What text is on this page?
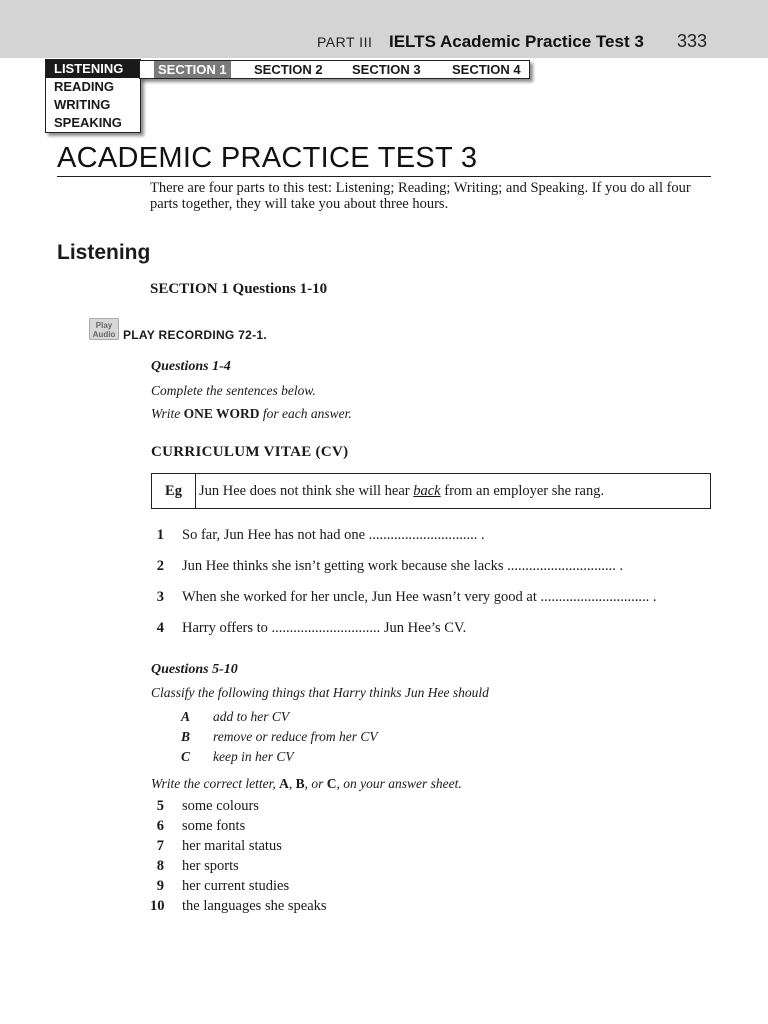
PART III IELTS Academic Practice Test 3 333
LISTENING
READING
WRITING
SPEAKING
SECTION 1	SECTION 2 SECTION 3 SECTION 4
ACADEMIC PRACTICE TEST 3
There are four parts to this test: Listening; Reading; Writing; and Speaking. If you do all four parts together, they will take you about three hours.
Listening
SECTION 1 Questions 1-10
Play
Audio PLAY RECORDING 72-1.
Questions 1-4
Complete the sentences below.
Write ONE WORD for each answer.
CURRICULUM VITAE (CV)
Eg	Jun Hee does not think she will hear back from an employer she rang.
1 So far, Jun Hee has not had one .............................. .
2 Jun Hee thinks she isn’t getting work because she lacks .............................. .
3 When she worked for her uncle, Jun Hee wasn’t very good at .............................. .
4 Harry offers to .............................. Jun Hee’s CV.
Questions 5-10
Classify the following things that Harry thinks Jun Hee should
A add to her CV
B remove or reduce from her CV
C keep in her CV
Write the correct letter, A, B, or C, on your answer sheet.
5 some colours
6 some fonts
7 her marital status
8 her sports
9 her current studies
10 the languages she speaks
